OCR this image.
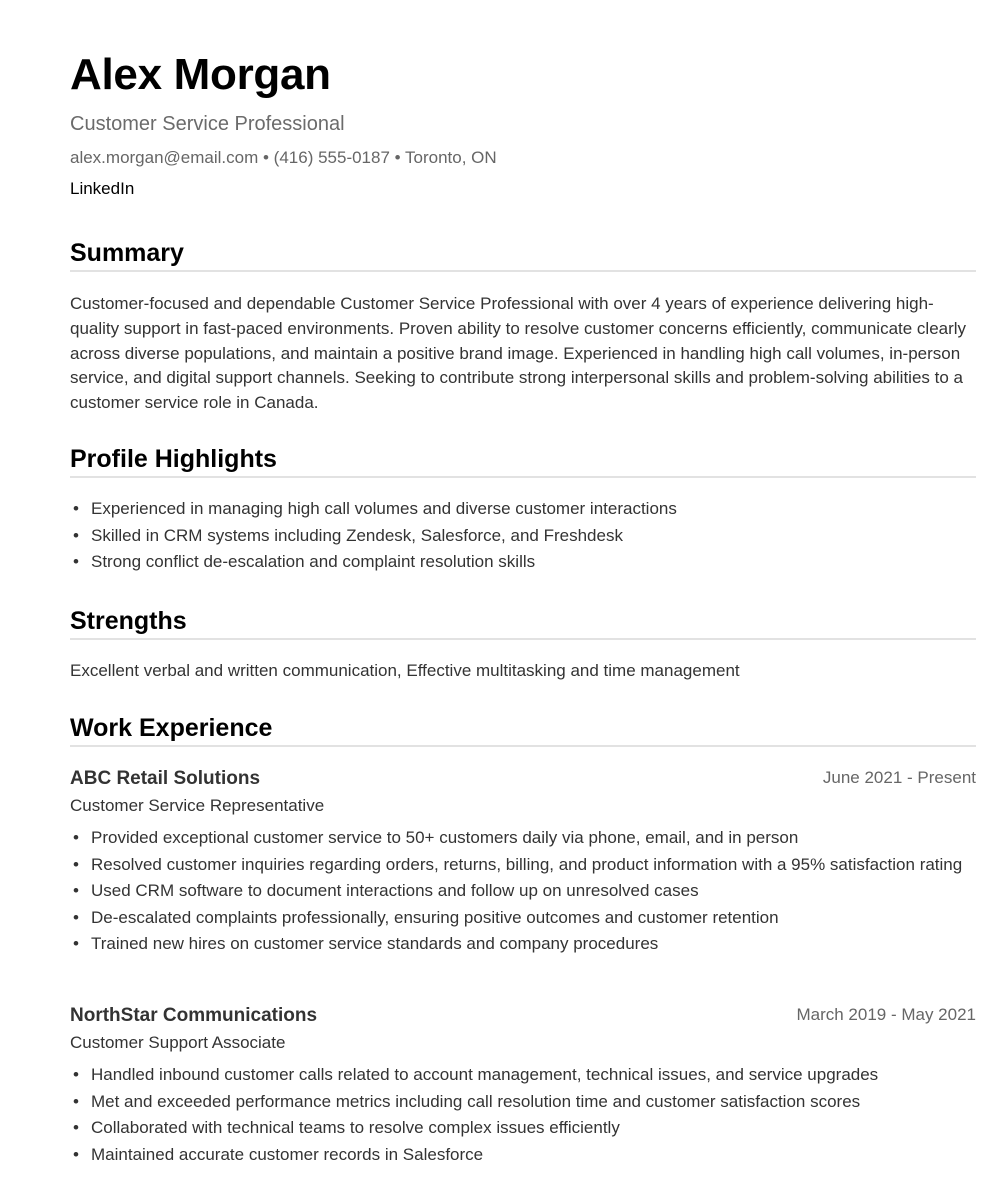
Alex Morgan
Customer Service Professional
alex.morgan@email.com • (416) 555-0187 • Toronto, ON
LinkedIn
Summary

Customer-focused and dependable Customer Service Professional with over 4 years of experience delivering high-quality support in fast-paced environments. Proven ability to resolve customer concerns efficiently, communicate clearly across diverse populations, and maintain a positive brand image. Experienced in handling high call volumes, in-person service, and digital support channels. Seeking to contribute strong interpersonal skills and problem-solving abilities to a customer service role in Canada.

Profile Highlights
• Experienced in managing high call volumes and diverse customer interactions
• Skilled in CRM systems including Zendesk, Salesforce, and Freshdesk
• Strong conflict de-escalation and complaint resolution skills
Strengths

Excellent verbal and written communication, Effective multitasking and time management

Work Experience
ABC Retail Solutions	June 2021 - Present
Customer Service Representative
• Provided exceptional customer service to 50+ customers daily via phone, email, and in person
• Resolved customer inquiries regarding orders, returns, billing, and product information with a 95% satisfaction rating
• Used CRM software to document interactions and follow up on unresolved cases
• De-escalated complaints professionally, ensuring positive outcomes and customer retention
• Trained new hires on customer service standards and company procedures
NorthStar Communications	March 2019 - May 2021
Customer Support Associate
• Handled inbound customer calls related to account management, technical issues, and service upgrades
• Met and exceeded performance metrics including call resolution time and customer satisfaction scores
• Collaborated with technical teams to resolve complex issues efficiently
• Maintained accurate customer records in Salesforce
